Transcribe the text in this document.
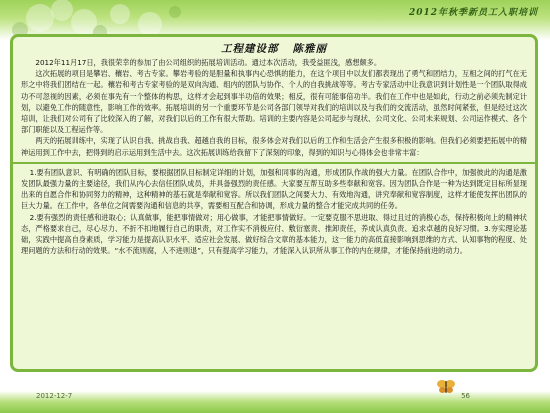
2012年秋季新员工入职培训
工程建设部 陈雅丽

2012年11月17日，我很荣幸的参加了由公司组织的拓展培训活动。通过本次活动，我受益匪浅，感想颇多。

这次拓展的项目是攀岩、穰岩、考古专家。攀岩考验的是胆量和执事内心恐惧的能力，在这个项目中以友们都表现出了勇气和团结力，互相之间的打气在无形之中将我们团结在一起。穰岩和考古专家考验的是双向沟通、组内的团队与协作、个人的自我挑战等等。考古专家活动中让我意识到计划性是一个团队取得成功不可忽视的因素，必须在事先有一个整体的构思，这样才会起到事半功倍的效果；相反，很有可能事倍功半。我们在工作中也是如此，行动之前必须先制定计划，以避免工作的随意性，影响工作的效率。拓展培训的另一个重要环节是公司各部门领导对我们的培训以及与我们的交流活动，虽然时间紧张，但是经过这次培训，让我们对公司有了比较深入的了解，对我们以后的工作有很大帮助。培训的主要内容是公司起步与现状、公司文化、公司未来规划、公司运作模式、各个部门职能以及工程运作等。

两天的拓展训练中，实现了认识自我、挑战自我、超越自我的目标，很多体会对我们以后的工作和生活会产生很多积极的影响。但我们必须要把拓展中的精神运用到工作中去，把得到的启示运用到生活中去。这次拓展训练给我留下了深刻的印象，得到的知识与心得体会也非常丰富：

1.要有团队意识、有明确的团队目标，要根据团队目标制定详细的计划，加强和同事的沟通，形成团队作战的强大力量。在团队合作中，加强彼此的沟通是激发团队最强力量的主要途径，我们从内心去信任团队成员，并具备强烈的责任感。大家要互帮互助多些奉献和宽容。因为团队合作是一种为达到既定目标所显现出来的自愿合作和协同努力的精神，这种精神的基石就是奉献和宽容。所以我们团队之间要大力、有效地沟通，讲究奉献和宽容制度，这样才能使发挥出团队的巨大力量。在工作中，各单位之间需要沟通和信息的共享，需要相互配合和协调，形成力量的整合才能完成共同的任务。

2.要有强烈的责任感和进取心；认真做事，能把事情做对；用心做事，才能把事情做好。一定要克服不思进取、得过且过的消极心态，保持积极向上的精神状态，严格要求自己，尽心尽力、不折不扣地履行自己的职责，对工作实不消极应付、敷衍塞责、推卸责任，养成认真负责、追求卓越的良好习惯。3.夯实理论基础，实践中提高自身素质，学习能力是提高认识水平、适应社会发展、做好综合文章的基本能力，这一能力的高低直接影响到思维的方式、认知事物的程度、处理问题的方法和行动的效果。“水不流则腐，人不进则退”，只有提高学习能力，才能深入认识所从事工作的内在规律，才能保持前进的动力。

2012-12-7	56
